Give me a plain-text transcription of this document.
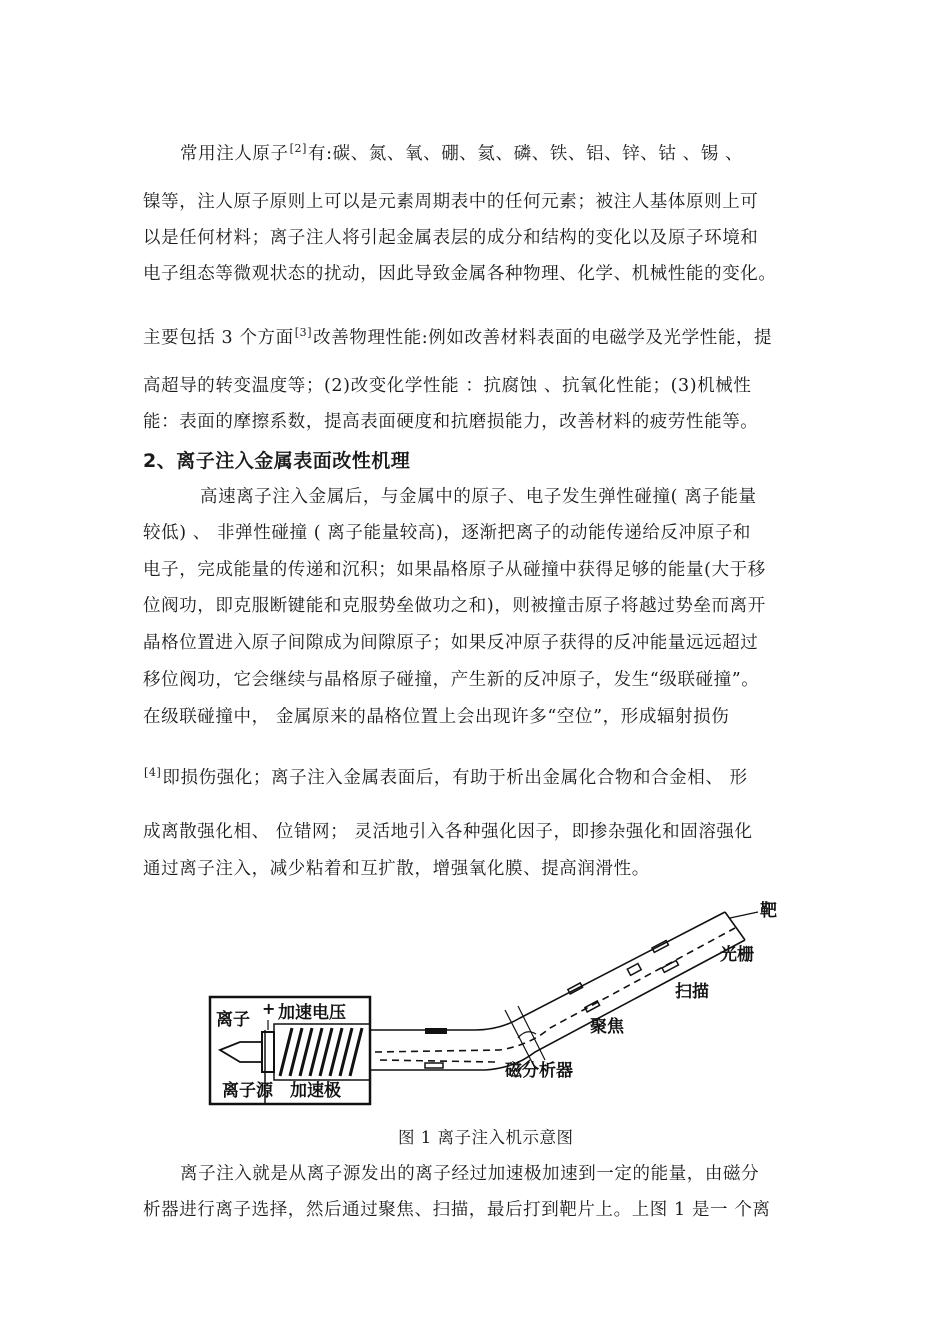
常用注人原子[2]有:碳、氮、氧、硼、氦、磷、铁、铝、锌、钴 、锡 、
镍等，注人原子原则上可以是元素周期表中的任何元素；被注人基体原则上可
以是任何材料；离子注人将引起金属表层的成分和结构的变化以及原子环境和
电子组态等微观状态的扰动，因此导致金属各种物理、化学、机械性能的变化。
主要包括 3 个方面[3]改善物理性能:例如改善材料表面的电磁学及光学性能，提
高超导的转变温度等；(2)改变化学性能 ：抗腐蚀 、抗氧化性能；(3)机械性
能：表面的摩擦系数，提高表面硬度和抗磨损能力，改善材料的疲劳性能等。
2、离子注入金属表面改性机理
高速离子注入金属后，与金属中的原子、电子发生弹性碰撞( 离子能量
较低) 、 非弹性碰撞 ( 离子能量较高)，逐渐把离子的动能传递给反冲原子和
电子，完成能量的传递和沉积；如果晶格原子从碰撞中获得足够的能量(大于移
位阀功，即克服断键能和克服势垒做功之和)，则被撞击原子将越过势垒而离开
晶格位置进入原子间隙成为间隙原子；如果反冲原子获得的反冲能量远远超过
移位阀功，它会继续与晶格原子碰撞，产生新的反冲原子，发生“级联碰撞”。
在级联碰撞中， 金属原来的晶格位置上会出现许多“空位”，形成辐射损伤
[4]即损伤强化；离子注入金属表面后，有助于析出金属化合物和合金相、 形
成离散强化相、 位错网； 灵活地引入各种强化因子，即掺杂强化和固溶强化
通过离子注入，减少粘着和互扩散，增强氧化膜、提高润滑性。
靶
光栅
扫描
聚焦
磁分析器
+ 加速电压
离子
离子源 加速极
图 1 离子注入机示意图
离子注入就是从离子源发出的离子经过加速极加速到一定的能量，由磁分
析器进行离子选择，然后通过聚焦、扫描，最后打到靶片上。上图 1 是一 个离
